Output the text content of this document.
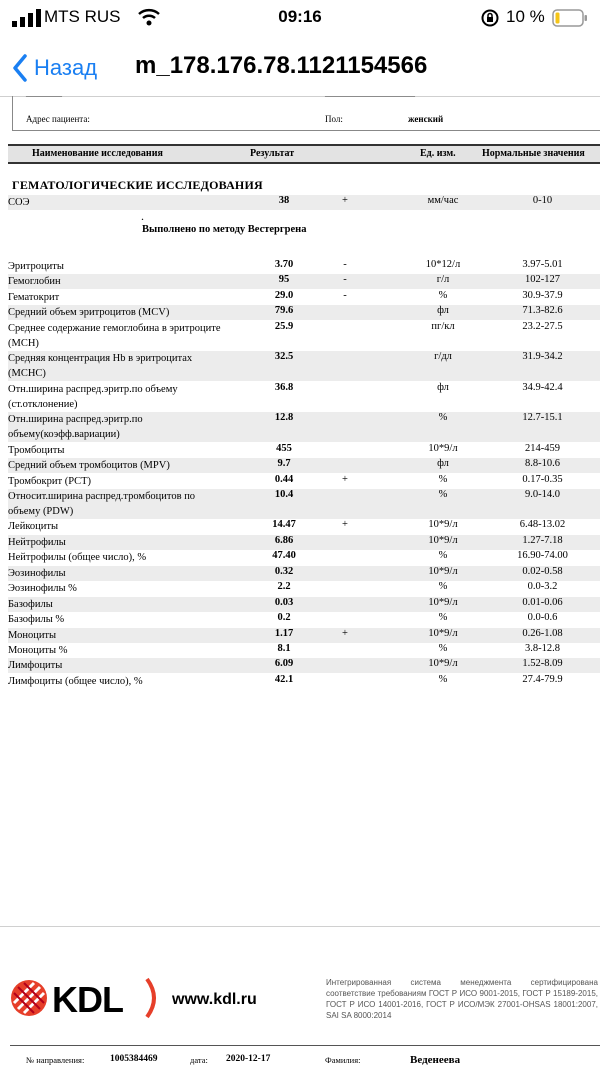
MTS RUS	09:16	10 %
Назад m_178.176.78.1121154566
————	——————————
Адрес пациента:	Пол:	женский
Наименование исследования	Результат	Ед. изм.	Нормальные значения
ГЕМАТОЛОГИЧЕСКИЕ ИССЛЕДОВАНИЯ
СОЭ	38	+	мм/час	0-10
.
Выполнено по методу Вестергрена
Эритроциты	3.70	-	10*12/л	3.97-5.01
Гемоглобин	95	-	г/л	102-127
Гематокрит	29.0	-	%	30.9-37.9
Средний объем эритроцитов (MCV)	79.6	фл	71.3-82.6
Среднее содержание гемоглобина в эритроците (MCH)
25.9	пг/кл	23.2-27.5
Средняя концентрация Hb в эритроцитах (MCHC)
32.5	г/дл	31.9-34.2
Отн.ширина распред.эритр.по объему (ст.отклонение)
36.8	фл	34.9-42.4
Отн.ширина распред.эритр.по объему(коэфф.вариации)
12.8	%	12.7-15.1
Тромбоциты	455	10*9/л	214-459
Средний объем тромбоцитов (MPV)	9.7	фл	8.8-10.6
Тромбокрит (PCT)	0.44	+	%	0.17-0.35
Относит.ширина распред.тромбоцитов по объему (PDW)
10.4	%	9.0-14.0
Лейкоциты	14.47	+	10*9/л	6.48-13.02
Нейтрофилы	6.86	10*9/л	1.27-7.18
Нейтрофилы (общее число), %	47.40	%	16.90-74.00
Эозинофилы	0.32	10*9/л	0.02-0.58
Эозинофилы %	2.2	%	0.0-3.2
Базофилы	0.03	10*9/л	0.01-0.06
Базофилы %	0.2	%	0.0-0.6
Моноциты	1.17	+	10*9/л	0.26-1.08
Моноциты %	8.1	%	3.8-12.8
Лимфоциты	6.09	10*9/л	1.52-8.09
Лимфоциты (общее число), %	42.1	%	27.4-79.9
KDL	www.kdl.ru
Интегрированная система менеджмента сертифицирована соответствие требованиям ГОСТ Р ИСО 9001-2015, ГОСТ Р 15189-2015, ГОСТ Р ИСО 14001-2016, ГОСТ Р ИСО/МЭК 27001-OHSAS 18001:2007, SAI SA 8000:2014
№ направления:	1005384469	дата: 2020-12-17	Фамилия:	Веденеева
